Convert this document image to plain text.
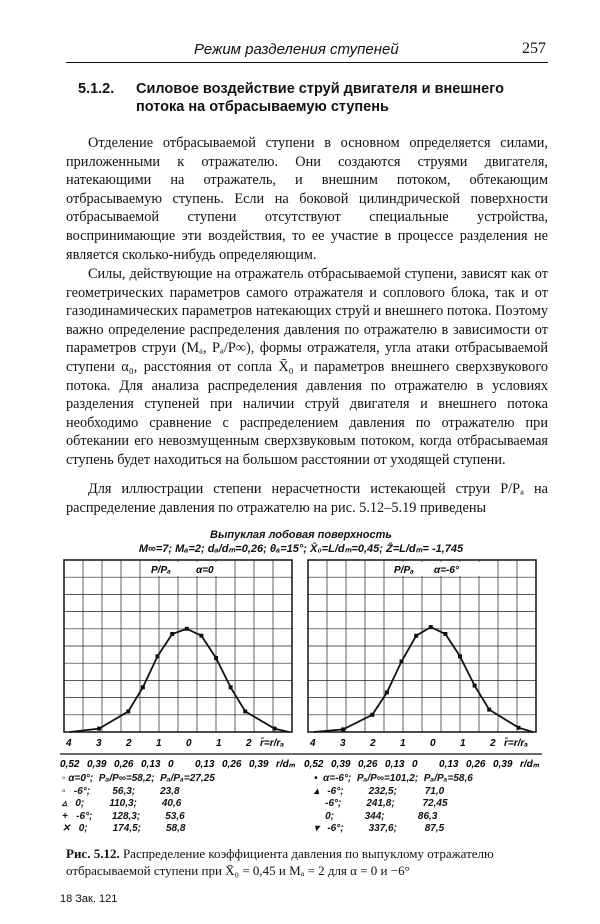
Режим разделения ступеней	257
5.1.2. Силовое воздействие струй двигателя и внешнего
потока на отбрасываемую ступень

Отделение отбрасываемой ступени в основном определяется силами, приложенными к отражателю. Они создаются струями двигателя, натекающими на отражатель, и внешним потоком, обтекающим отбрасываемую ступень. Если на боковой цилиндрической поверхности отбрасываемой ступени отсутствуют специальные устройства, воспринимающие эти воздействия, то ее участие в процессе разделения не является сколько-нибудь определяющим.

Силы, действующие на отражатель отбрасываемой ступени, зависят как от геометрических параметров самого отражателя и соплового блока, так и от газодинамических параметров натекающих струй и внешнего потока. Поэтому важно определение распределения давления по отражателю в зависимости от параметров струи (Mₐ, Pₐ/P∞), формы отражателя, угла атаки отбрасываемой ступени α₀, расстояния от сопла X̄₀ и параметров внешнего сверхзвукового потока. Для анализа распределения давления по отражателю в условиях разделения ступеней при наличии струй двигателя и внешнего потока необходимо сравнение с распределением давления по отражателю при обтекании его невозмущенным сверхзвуковым потоком, когда отбрасываемая ступень будет находиться на большом расстоянии от уходящей ступени.

Для иллюстрации степени нерасчетности истекающей струи P/Pₐ на распределение давления по отражателю на рис. 5.12–5.19 приведены

Выпуклая лобовая поверхность
M∞=7; Mₐ=2; dₐ/dₘ=0,26; θₐ=15°; X̄₀=L/dₘ=0,45; Z̄=L/dₘ= -1,745
P/Pₐ	α=0	P/Pₐ α=-6°
4 3 2 1 0 1 2 r̄=r/rₐ	4 3 2 1 0 1 2 r̄=r/rₐ
0,52 0,39 0,26 0,13 0 0,13 0,26 0,39 r/dₘ 0,52 0,39 0,26 0,13 0 0,13 0,26 0,39 r/dₘ
◦ α=0°;  Pₐ/P∞=58,2;  Pₐ/Pₐ=27,25
▫   -6°;        56,3;         23,8
▵   0;         110,3;         40,6
+   -6°;       128,3;         53,6
✕   0;         174,5;         58,8
•  α=-6°;  Pₐ/P∞=101,2;  Pₐ/Pₐ=58,6
▴   -6°;         232,5;          71,0
-6°;         241,8;          72,45
0;           344;            86,3
▾   -6°;         337,6;          87,5
Рис. 5.12. Распределение коэффициента давления по выпуклому отражателю отбрасываемой ступени при X̄₀ = 0,45 и Mₐ = 2 для α = 0 и −6°
18 Зак. 121
